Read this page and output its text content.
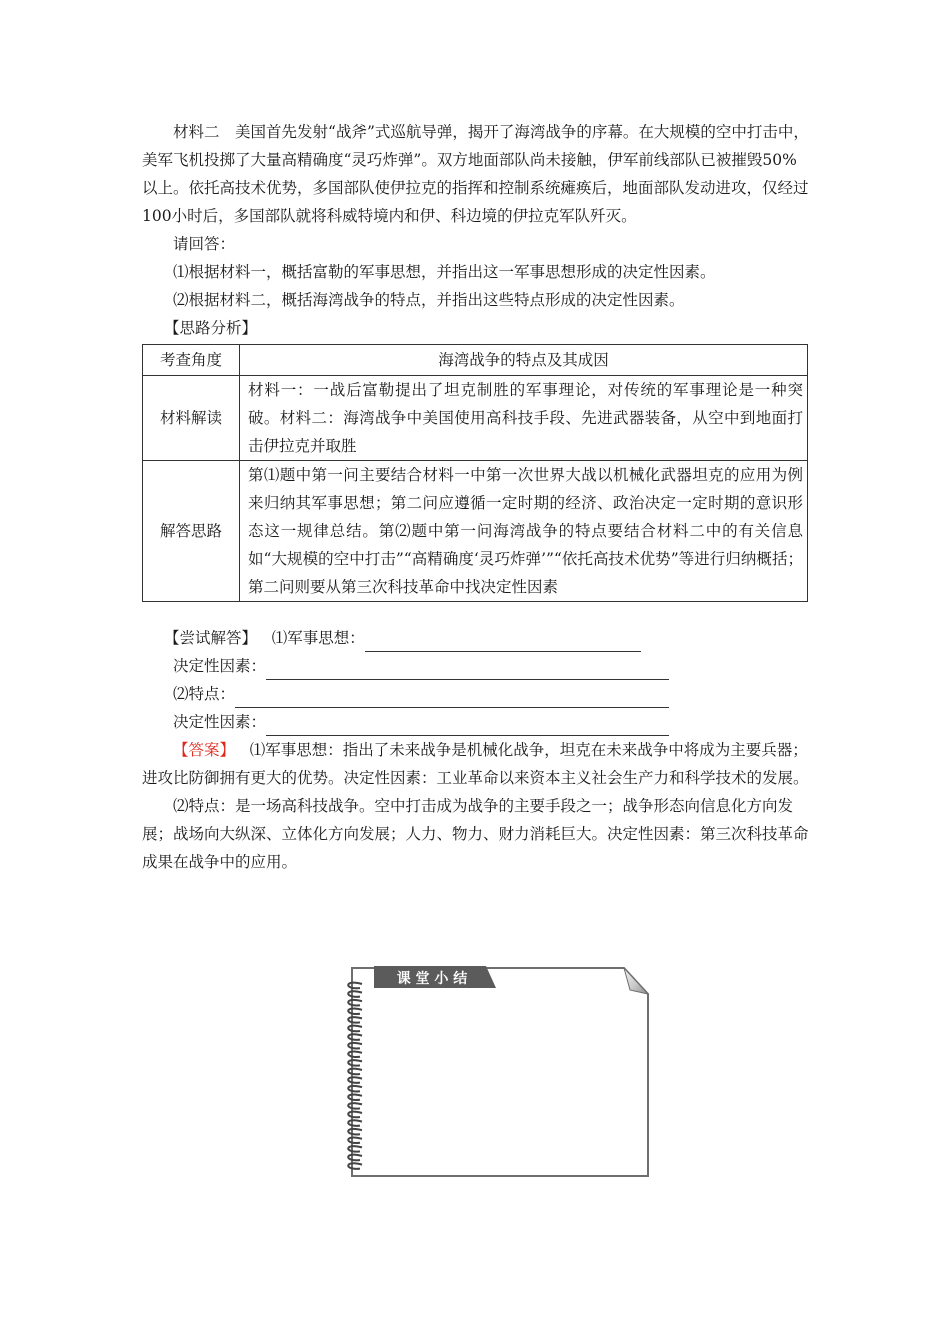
材料二　 美国首先发射“战斧”式巡航导弹，揭开了海湾战争的序幕。在大规模的空中打击中，美军飞机投掷了大量高精确度“灵巧炸弹”。双方地面部队尚未接触，伊军前线部队已被摧毁50%以上。依托高技术优势，多国部队使伊拉克的指挥和控制系统瘫痪后，地面部队发动进攻，仅经过100小时后，多国部队就将科威特境内和伊、科边境的伊拉克军队歼灭。

请回答：

⑴根据材料一，概括富勒的军事思想，并指出这一军事思想形成的决定性因素。

⑵根据材料二，概括海湾战争的特点，并指出这些特点形成的决定性因素。

【思路分析】

考查角度	海湾战争的特点及其成因
材料解读	材料一：一战后富勒提出了坦克制胜的军事理论，对传统的军事理论是一种突破。材料二：海湾战争中美国使用高科技手段、先进武器装备，从空中到地面打击伊拉克并取胜
解答思路	第⑴题中第一问主要结合材料一中第一次世界大战以机械化武器坦克的应用为例来归纳其军事思想；第二问应遵循一定时期的经济、政治决定一定时期的意识形态这一规律总结。第⑵题中第一问海湾战争的特点要结合材料二中的有关信息如“大规模的空中打击”“高精确度‘灵巧炸弹’”“依托高技术优势”等进行归纳概括；第二问则要从第三次科技革命中找决定性因素
【尝试解答】
⑴军事思想：
决定性因素：
⑵特点：
决定性因素：

【答案】 ⑴军事思想：指出了未来战争是机械化战争，坦克在未来战争中将成为主要兵器；进攻比防御拥有更大的优势。决定性因素：工业革命以来资本主义社会生产力和科学技术的发展。

⑵特点：是一场高科技战争。空中打击成为战争的主要手段之一；战争形态向信息化方向发展；战场向大纵深、立体化方向发展；人力、物力、财力消耗巨大。决定性因素：第三次科技革命成果在战争中的应用。

课 堂 小 结
